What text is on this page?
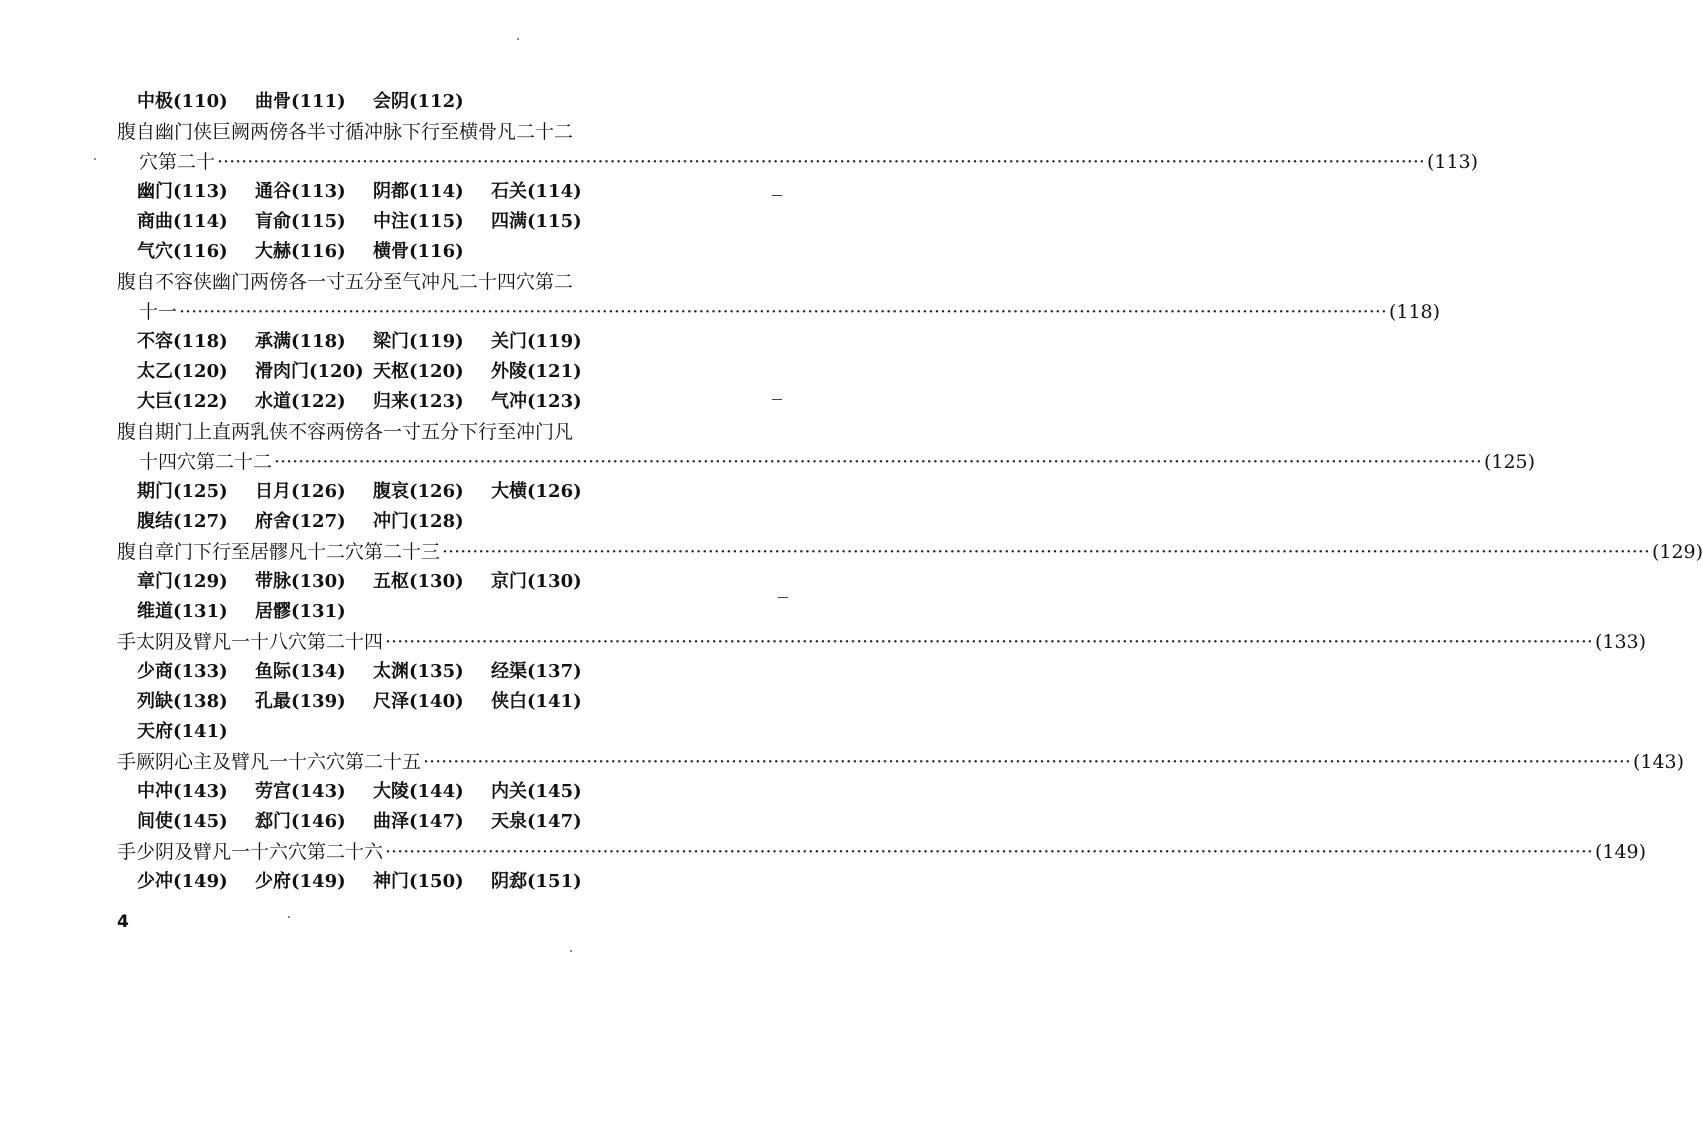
中极(110) 曲骨(111) 会阴(112)
腹自幽门侠巨阙两傍各半寸循冲脉下行至横骨凡二十二
穴第二十 ········································································································································································································ (113)
幽门(113) 通谷(113) 阴都(114) 石关(114)
商曲(114) 肓俞(115) 中注(115) 四满(115)
气穴(116) 大赫(116) 横骨(116)
腹自不容侠幽门两傍各一寸五分至气冲凡二十四穴第二
十一 ········································································································································································································ (118)
不容(118) 承满(118) 梁门(119) 关门(119)
太乙(120) 滑肉门(120) 天枢(120) 外陵(121)
大巨(122) 水道(122) 归来(123) 气冲(123)
腹自期门上直两乳侠不容两傍各一寸五分下行至冲门凡
十四穴第二十二 ········································································································································································································ (125)
期门(125) 日月(126) 腹哀(126) 大横(126)
腹结(127) 府舍(127) 冲门(128)
腹自章门下行至居髎凡十二穴第二十三 ········································································································································································································ (129)
章门(129) 带脉(130) 五枢(130) 京门(130)
维道(131) 居髎(131)
手太阴及臂凡一十八穴第二十四 ········································································································································································································ (133)
少商(133) 鱼际(134) 太渊(135) 经渠(137)
列缺(138) 孔最(139) 尺泽(140) 侠白(141)
天府(141)
手厥阴心主及臂凡一十六穴第二十五 ········································································································································································································ (143)
中冲(143) 劳宫(143) 大陵(144) 内关(145)
间使(145) 郄门(146) 曲泽(147) 天泉(147)
手少阴及臂凡一十六穴第二十六 ········································································································································································································ (149)
少冲(149) 少府(149) 神门(150) 阴郄(151)
4
